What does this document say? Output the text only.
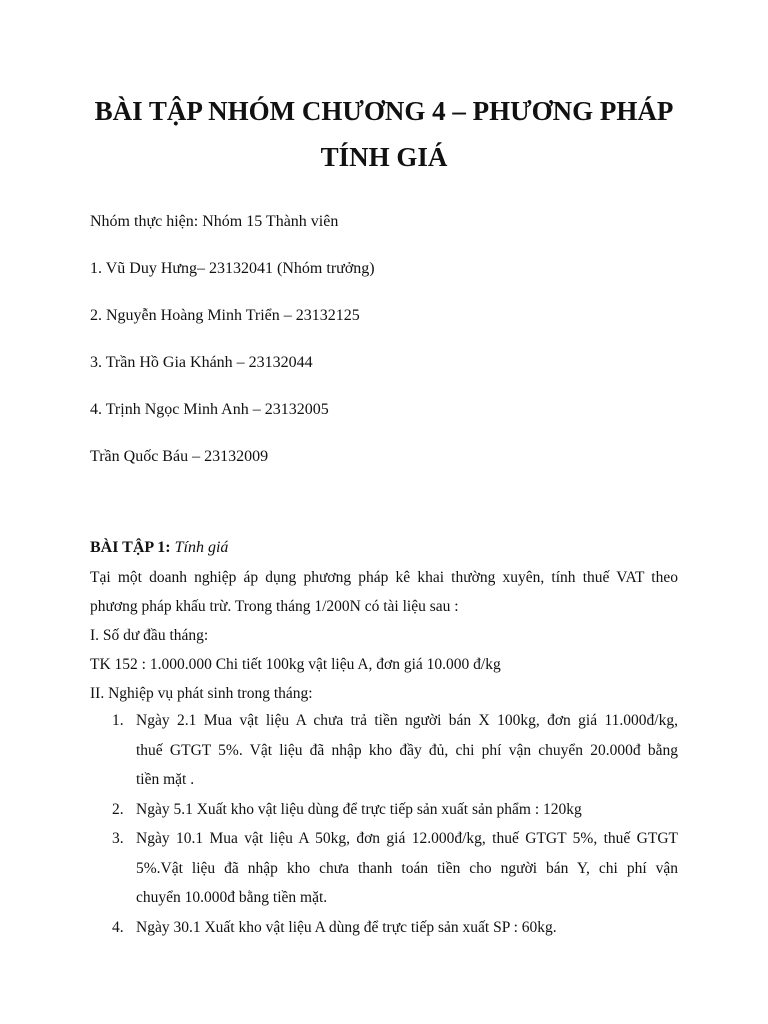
BÀI TẬP NHÓM CHƯƠNG 4 – PHƯƠNG PHÁP TÍNH GIÁ

Nhóm thực hiện: Nhóm 15 Thành viên

1. Vũ Duy Hưng– 23132041 (Nhóm trưởng)

2. Nguyễn Hoàng Minh Triển – 23132125

3. Trần Hồ Gia Khánh – 23132044

4. Trịnh Ngọc Minh Anh – 23132005

Trần Quốc Báu – 23132009

BÀI TẬP 1: Tính giá

Tại một doanh nghiệp áp dụng phương pháp kê khai thường xuyên, tính thuế VAT theo
phương pháp khấu trừ. Trong tháng 1/200N có tài liệu sau :
I. Số dư đầu tháng:
TK 152 : 1.000.000 Chi tiết 100kg vật liệu A, đơn giá 10.000 đ/kg
II. Nghiệp vụ phát sinh trong tháng:
1. Ngày 2.1 Mua vật liệu A chưa trả tiền người bán X 100kg, đơn giá 11.000đ/kg,
thuế GTGT 5%. Vật liệu đã nhập kho đầy đủ, chi phí vận chuyển 20.000đ bằng
tiền mặt .
2. Ngày 5.1 Xuất kho vật liệu dùng để trực tiếp sản xuất sản phẩm : 120kg
3. Ngày 10.1 Mua vật liệu A 50kg, đơn giá 12.000đ/kg, thuế GTGT 5%, thuế GTGT
5%.Vật liệu đã nhập kho chưa thanh toán tiền cho người bán Y, chi phí vận
chuyển 10.000đ bằng tiền mặt.
4. Ngày 30.1 Xuất kho vật liệu A dùng để trực tiếp sản xuất SP : 60kg.
